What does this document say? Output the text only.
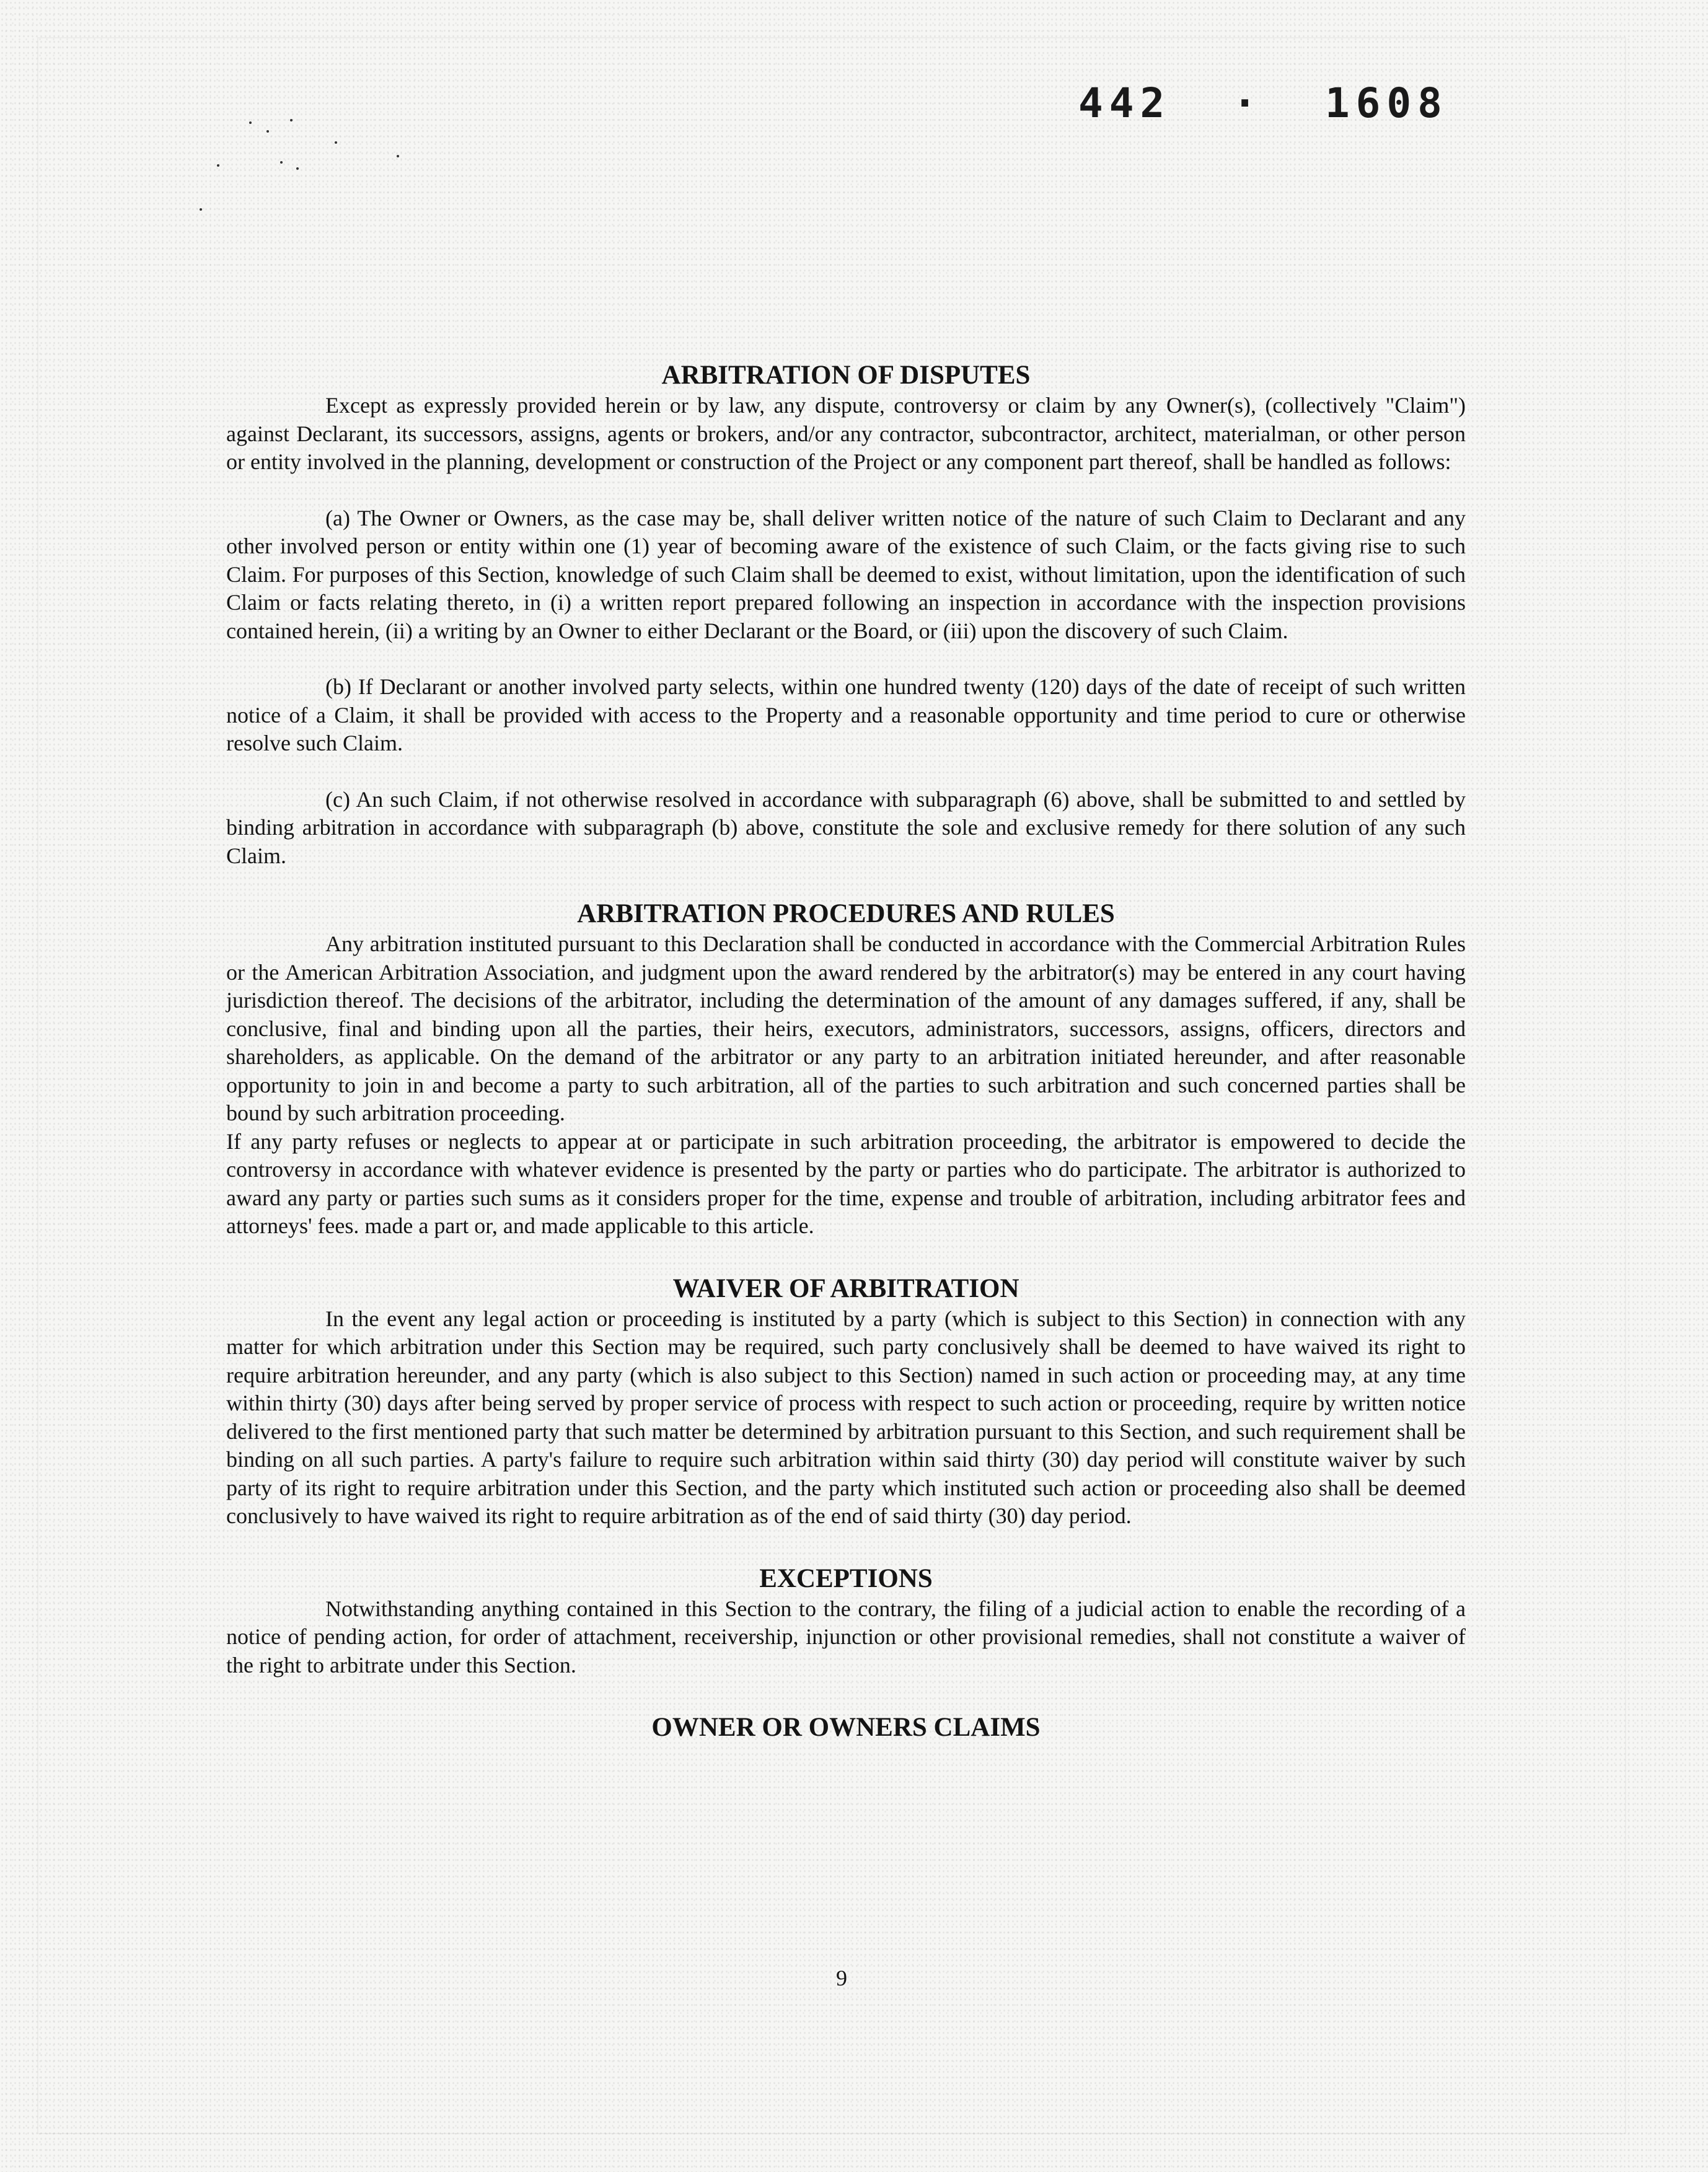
442  ·  1608
ARBITRATION OF DISPUTES

Except as expressly provided herein or by law, any dispute, controversy or claim by any Owner(s), (collectively "Claim") against Declarant, its successors, assigns, agents or brokers, and/or any contractor, subcontractor, architect, materialman, or other person or entity involved in the planning, development or construction of the Project or any component part thereof, shall be handled as follows:

(a) The Owner or Owners, as the case may be, shall deliver written notice of the nature of such Claim to Declarant and any other involved person or entity within one (1) year of becoming aware of the existence of such Claim, or the facts giving rise to such Claim. For purposes of this Section, knowledge of such Claim shall be deemed to exist, without limitation, upon the identification of such Claim or facts relating thereto, in (i) a written report prepared following an inspection in accordance with the inspection provisions contained herein, (ii) a writing by an Owner to either Declarant or the Board, or (iii) upon the discovery of such Claim.

(b) If Declarant or another involved party selects, within one hundred twenty (120) days of the date of receipt of such written notice of a Claim, it shall be provided with access to the Property and a reasonable opportunity and time period to cure or otherwise resolve such Claim.

(c) An such Claim, if not otherwise resolved in accordance with subparagraph (6) above, shall be submitted to and settled by binding arbitration in accordance with subparagraph (b) above, constitute the sole and exclusive remedy for there solution of any such Claim.

ARBITRATION PROCEDURES AND RULES

Any arbitration instituted pursuant to this Declaration shall be conducted in accordance with the Commercial Arbitration Rules or the American Arbitration Association, and judgment upon the award rendered by the arbitrator(s) may be entered in any court having jurisdiction thereof. The decisions of the arbitrator, including the determination of the amount of any damages suffered, if any, shall be conclusive, final and binding upon all the parties, their heirs, executors, administrators, successors, assigns, officers, directors and shareholders, as applicable. On the demand of the arbitrator or any party to an arbitration initiated hereunder, and after reasonable opportunity to join in and become a party to such arbitration, all of the parties to such arbitration and such concerned parties shall be bound by such arbitration proceeding.

If any party refuses or neglects to appear at or participate in such arbitration proceeding, the arbitrator is empowered to decide the controversy in accordance with whatever evidence is presented by the party or parties who do participate. The arbitrator is authorized to award any party or parties such sums as it considers proper for the time, expense and trouble of arbitration, including arbitrator fees and attorneys' fees. made a part or, and made applicable to this article.

WAIVER OF ARBITRATION

In the event any legal action or proceeding is instituted by a party (which is subject to this Section) in connection with any matter for which arbitration under this Section may be required, such party conclusively shall be deemed to have waived its right to require arbitration hereunder, and any party (which is also subject to this Section) named in such action or proceeding may, at any time within thirty (30) days after being served by proper service of process with respect to such action or proceeding, require by written notice delivered to the first mentioned party that such matter be determined by arbitration pursuant to this Section, and such requirement shall be binding on all such parties. A party's failure to require such arbitration within said thirty (30) day period will constitute waiver by such party of its right to require arbitration under this Section, and the party which instituted such action or proceeding also shall be deemed conclusively to have waived its right to require arbitration as of the end of said thirty (30) day period.

EXCEPTIONS

Notwithstanding anything contained in this Section to the contrary, the filing of a judicial action to enable the recording of a notice of pending action, for order of attachment, receivership, injunction or other provisional remedies, shall not constitute a waiver of the right to arbitrate under this Section.

OWNER OR OWNERS CLAIMS
9
